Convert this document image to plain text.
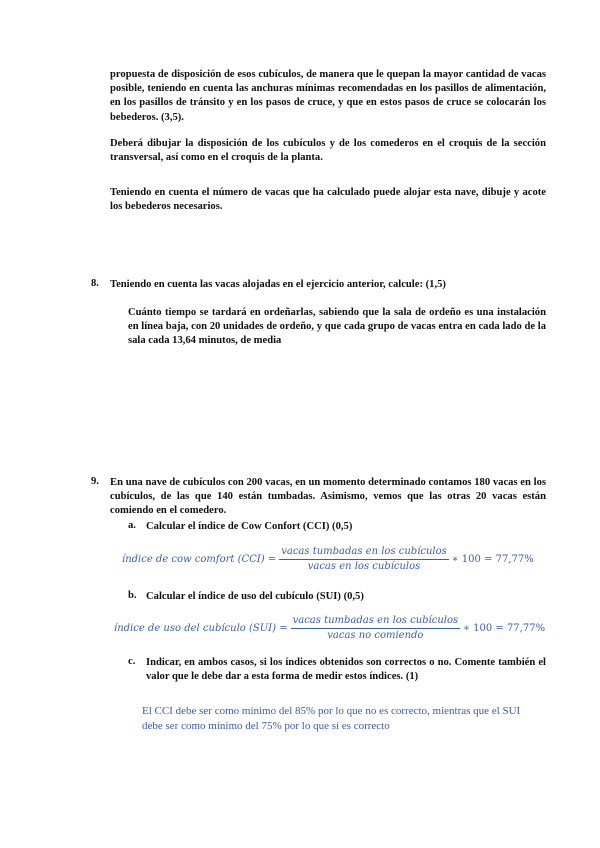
propuesta de disposición de esos cubículos, de manera que le quepan la mayor cantidad de vacas posible, teniendo en cuenta las anchuras mínimas recomendadas en los pasillos de alimentación, en los pasillos de tránsito y en los pasos de cruce, y que en estos pasos de cruce se colocarán los bebederos. (3,5).

Deberá dibujar la disposición de los cubículos y de los comederos en el croquis de la sección transversal, así como en el croquis de la planta.

Teniendo en cuenta el número de vacas que ha calculado puede alojar esta nave, dibuje y acote los bebederos necesarios.

8. Teniendo en cuenta las vacas alojadas en el ejercicio anterior, calcule: (1,5)

Cuánto tiempo se tardará en ordeñarlas, sabiendo que la sala de ordeño es una instalación en línea baja, con 20 unidades de ordeño, y que cada grupo de vacas entra en cada lado de la sala cada 13,64 minutos, de media

9. En una nave de cubículos con 200 vacas, en un momento determinado contamos 180 vacas en los cubículos, de las que 140 están tumbadas. Asimismo, vemos que las otras 20 vacas están comiendo en el comedero.

a. Calcular el índice de Cow Confort (CCI) (0,5)

índice de cow comfort $(CCI) = \frac{\text{vacas tumbadas en los cubículos}}{\text{vacas en los cubículos}}$ ∗ 100 = 77,77%
b. Calcular el índice de uso del cubículo (SUI) (0,5)

índice de uso del cubículo $(SUI) = \frac{\text{vacas tumbadas en los cubículos}}{\text{vacas no comiendo}}$ ∗ 100 = 77,77%
c. Indicar, en ambos casos, si los índices obtenidos son correctos o no. Comente también el valor que le debe dar a esta forma de medir estos índices. (1)

El CCI debe ser como mínimo del 85% por lo que no es correcto, mientras que el SUI debe ser como mínimo del 75% por lo que sí es correcto
